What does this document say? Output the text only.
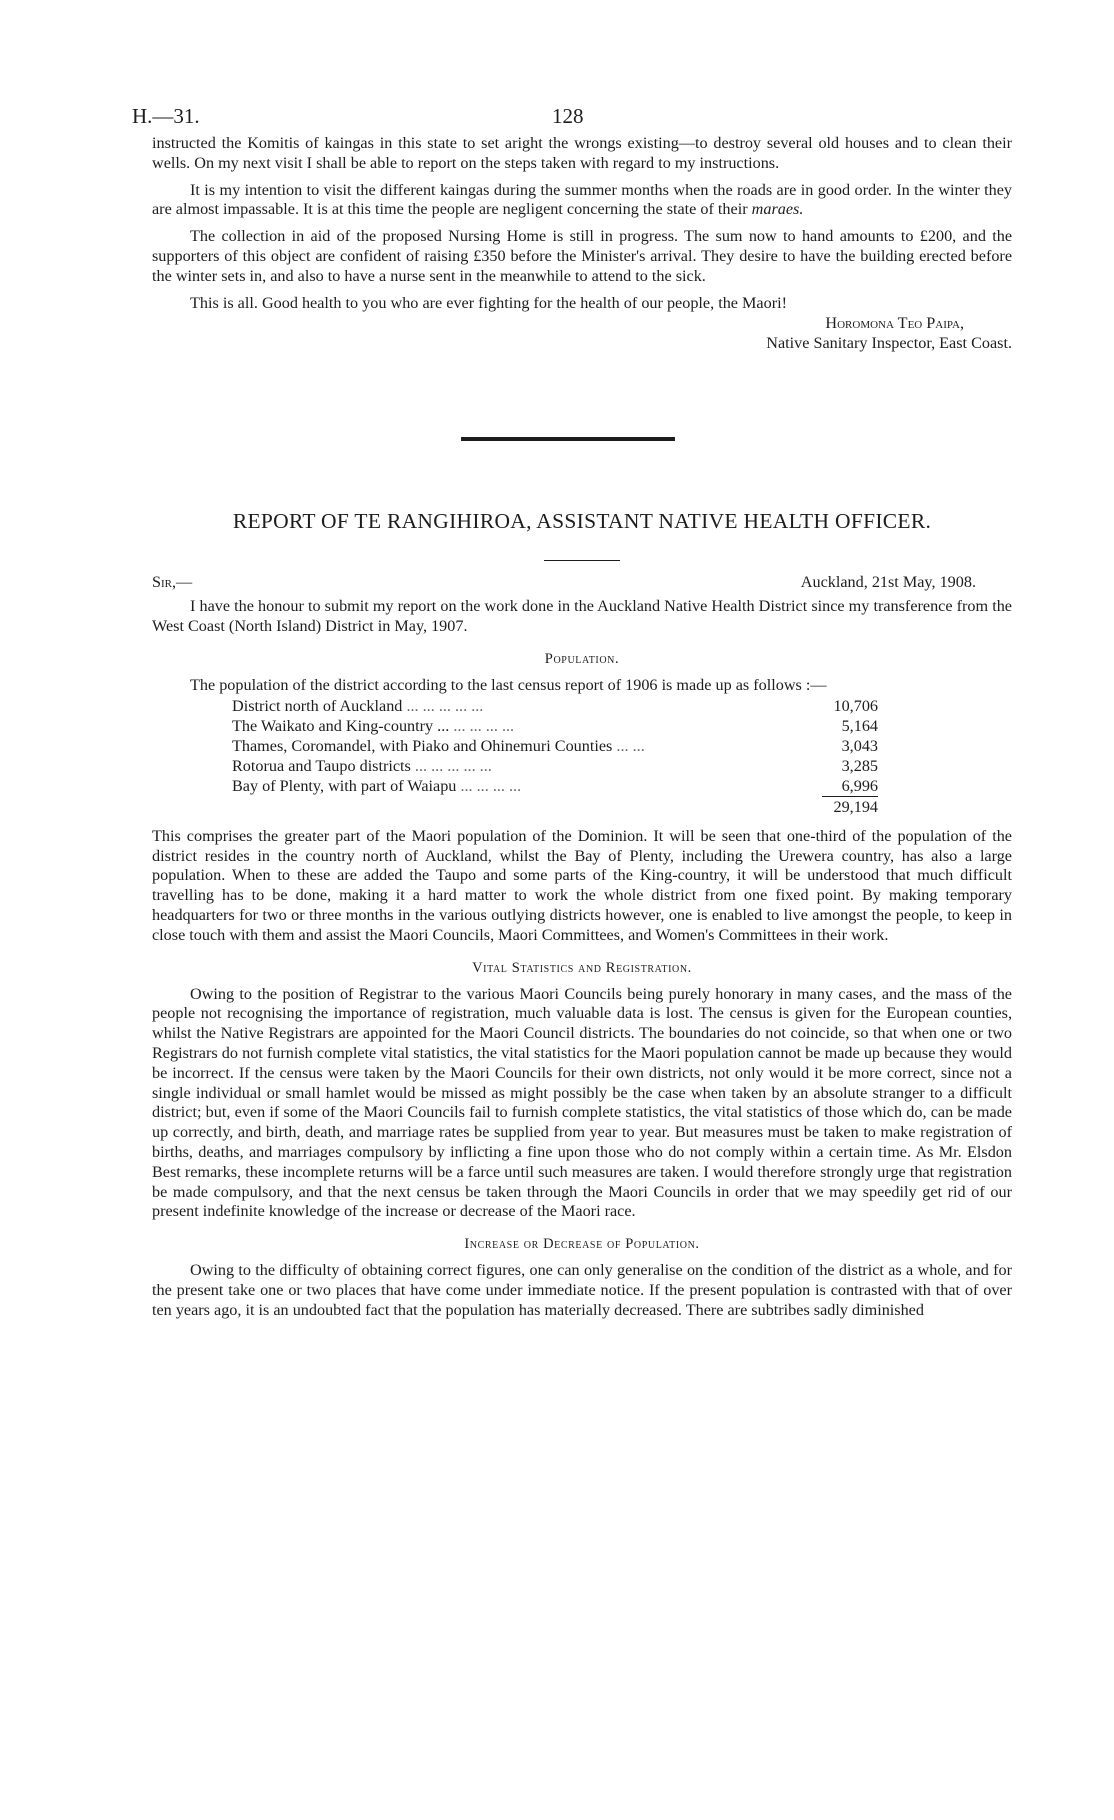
H.—31.	128

instructed the Komitis of kaingas in this state to set aright the wrongs existing—to destroy several old houses and to clean their wells. On my next visit I shall be able to report on the steps taken with regard to my instructions.

It is my intention to visit the different kaingas during the summer months when the roads are in good order. In the winter they are almost impassable. It is at this time the people are negligent concerning the state of their maraes.

The collection in aid of the proposed Nursing Home is still in progress. The sum now to hand amounts to £200, and the supporters of this object are confident of raising £350 before the Minister's arrival. They desire to have the building erected before the winter sets in, and also to have a nurse sent in the meanwhile to attend to the sick.

This is all. Good health to you who are ever fighting for the health of our people, the Maori!

Horomona Teo Paipa,
Native Sanitary Inspector, East Coast.
REPORT OF TE RANGIHIROA, ASSISTANT NATIVE HEALTH OFFICER.
Sir,—	Auckland, 21st May, 1908.

I have the honour to submit my report on the work done in the Auckland Native Health District since my transference from the West Coast (North Island) District in May, 1907.

Population.

The population of the district according to the last census report of 1906 is made up as follows :—

District north of Auckland ... ... ... ... ...	10,706
The Waikato and King-country ... ... ... ... ...	5,164
Thames, Coromandel, with Piako and Ohinemuri Counties ... ...	3,043
Rotorua and Taupo districts ... ... ... ... ...	3,285
Bay of Plenty, with part of Waiapu ... ... ... ...	6,996

29,194

This comprises the greater part of the Maori population of the Dominion. It will be seen that one-third of the population of the district resides in the country north of Auckland, whilst the Bay of Plenty, including the Urewera country, has also a large population. When to these are added the Taupo and some parts of the King-country, it will be understood that much difficult travelling has to be done, making it a hard matter to work the whole district from one fixed point. By making temporary headquarters for two or three months in the various outlying districts however, one is enabled to live amongst the people, to keep in close touch with them and assist the Maori Councils, Maori Committees, and Women's Committees in their work.

Vital Statistics and Registration.

Owing to the position of Registrar to the various Maori Councils being purely honorary in many cases, and the mass of the people not recognising the importance of registration, much valuable data is lost. The census is given for the European counties, whilst the Native Registrars are appointed for the Maori Council districts. The boundaries do not coincide, so that when one or two Registrars do not furnish complete vital statistics, the vital statistics for the Maori population cannot be made up because they would be incorrect. If the census were taken by the Maori Councils for their own districts, not only would it be more correct, since not a single individual or small hamlet would be missed as might possibly be the case when taken by an absolute stranger to a difficult district; but, even if some of the Maori Councils fail to furnish complete statistics, the vital statistics of those which do, can be made up correctly, and birth, death, and marriage rates be supplied from year to year. But measures must be taken to make registration of births, deaths, and marriages compulsory by inflicting a fine upon those who do not comply within a certain time. As Mr. Elsdon Best remarks, these incomplete returns will be a farce until such measures are taken. I would therefore strongly urge that registration be made compulsory, and that the next census be taken through the Maori Councils in order that we may speedily get rid of our present indefinite knowledge of the increase or decrease of the Maori race.

Increase or Decrease of Population.

Owing to the difficulty of obtaining correct figures, one can only generalise on the condition of the district as a whole, and for the present take one or two places that have come under immediate notice. If the present population is contrasted with that of over ten years ago, it is an undoubted fact that the population has materially decreased. There are subtribes sadly diminished
